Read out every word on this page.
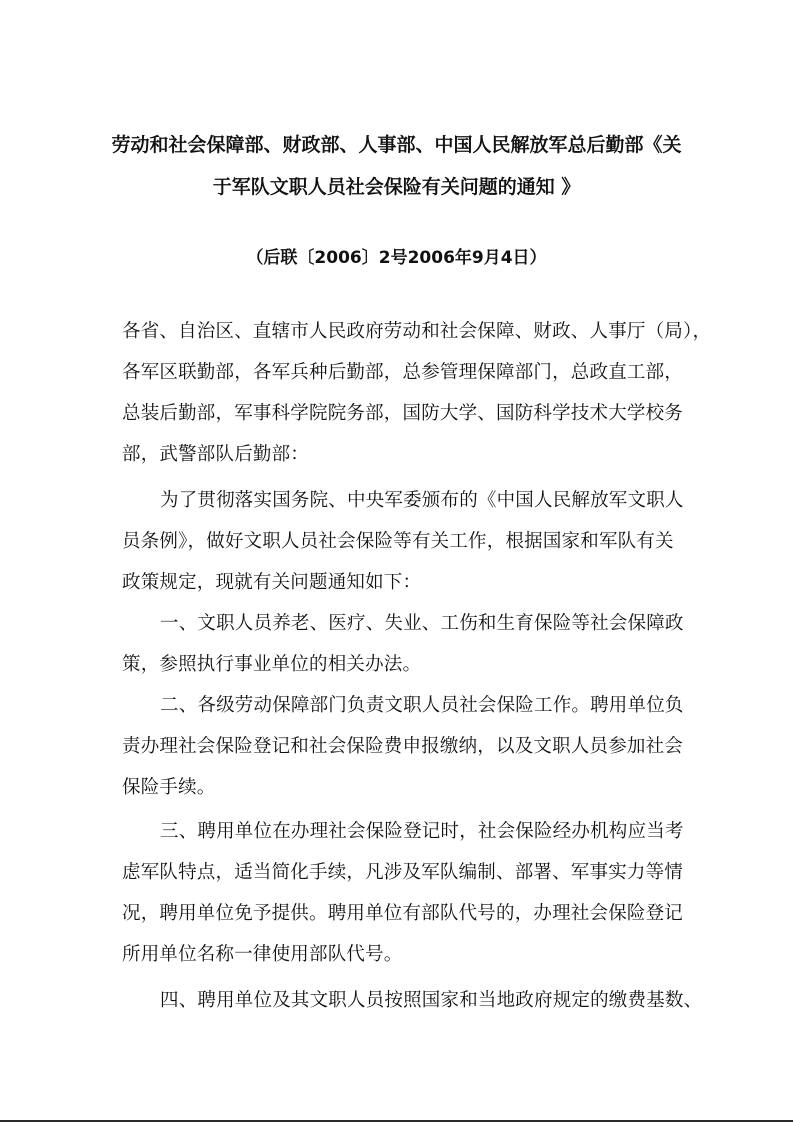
劳动和社会保障部、财政部、人事部、中国人民解放军总后勤部《关
于军队文职人员社会保险有关问题的通知 》
（后联〔2006〕2号2006年9月4日）
各省、自治区、直辖市人民政府劳动和社会保障、财政、人事厅（局），
各军区联勤部，各军兵种后勤部，总参管理保障部门，总政直工部，
总装后勤部，军事科学院院务部，国防大学、国防科学技术大学校务
部，武警部队后勤部：
为了贯彻落实国务院、中央军委颁布的《中国人民解放军文职人
员条例》，做好文职人员社会保险等有关工作，根据国家和军队有关
政策规定，现就有关问题通知如下：
一、文职人员养老、医疗、失业、工伤和生育保险等社会保障政
策，参照执行事业单位的相关办法。
二、各级劳动保障部门负责文职人员社会保险工作。聘用单位负
责办理社会保险登记和社会保险费申报缴纳，以及文职人员参加社会
保险手续。
三、聘用单位在办理社会保险登记时，社会保险经办机构应当考
虑军队特点，适当简化手续，凡涉及军队编制、部署、军事实力等情
况，聘用单位免予提供。聘用单位有部队代号的，办理社会保险登记
所用单位名称一律使用部队代号。
四、聘用单位及其文职人员按照国家和当地政府规定的缴费基数、
